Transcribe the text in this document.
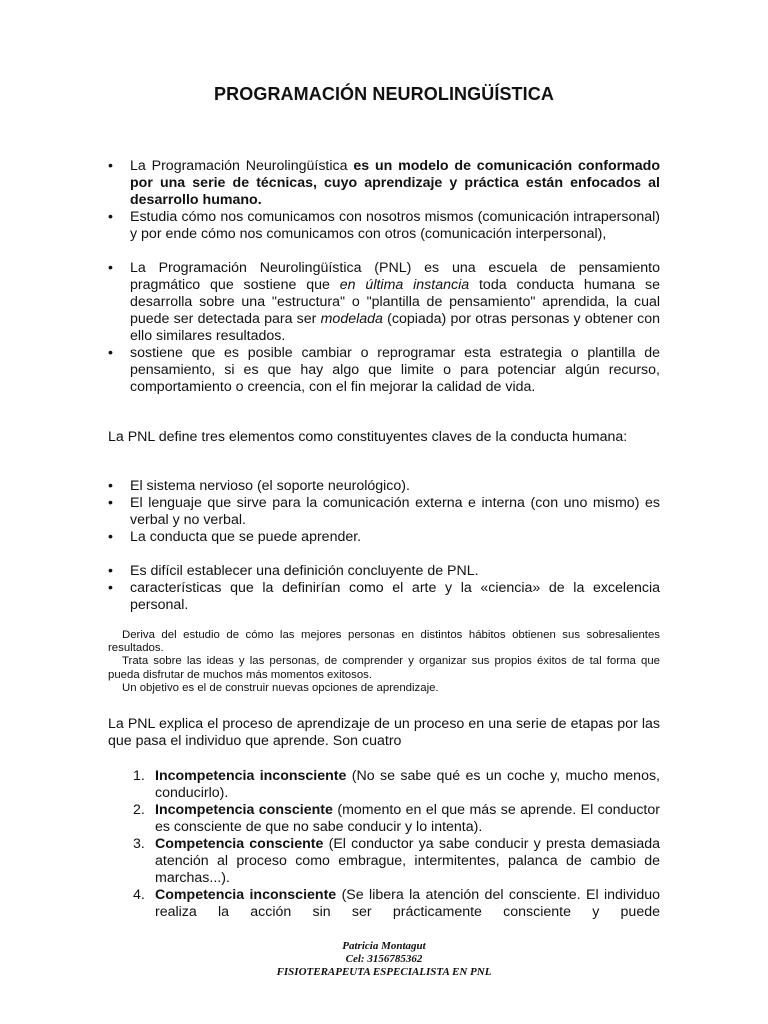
PROGRAMACIÓN NEUROLINGÜÍSTICA
• La Programación Neurolingüística es un modelo de comunicación conformado por una serie de técnicas, cuyo aprendizaje y práctica están enfocados al desarrollo humano.

• Estudia cómo nos comunicamos con nosotros mismos (comunicación intrapersonal) y por ende cómo nos comunicamos con otros (comunicación interpersonal),

• La Programación Neurolingüística (PNL) es una escuela de pensamiento pragmático que sostiene que en última instancia toda conducta humana se desarrolla sobre una "estructura" o "plantilla de pensamiento" aprendida, la cual puede ser detectada para ser modelada (copiada) por otras personas y obtener con ello similares resultados.

• sostiene que es posible cambiar o reprogramar esta estrategia o plantilla de pensamiento, si es que hay algo que limite o para potenciar algún recurso, comportamiento o creencia, con el fin mejorar la calidad de vida.

La PNL define tres elementos como constituyentes claves de la conducta humana:

• El sistema nervioso (el soporte neurológico).

• El lenguaje que sirve para la comunicación externa e interna (con uno mismo) es verbal y no verbal.

• La conducta que se puede aprender.

• Es difícil establecer una definición concluyente de PNL.

• características que la definirían como el arte y la «ciencia» de la excelencia personal.

Deriva del estudio de cómo las mejores personas en distintos hábitos obtienen sus sobresalientes resultados.
Trata sobre las ideas y las personas, de comprender y organizar sus propios éxitos de tal forma que pueda disfrutar de muchos más momentos exitosos.
Un objetivo es el de construir nuevas opciones de aprendizaje.

La PNL explica el proceso de aprendizaje de un proceso en una serie de etapas por las que pasa el individuo que aprende. Son cuatro

1. Incompetencia inconsciente (No se sabe qué es un coche y, mucho menos, conducirlo).

2. Incompetencia consciente (momento en el que más se aprende. El conductor es consciente de que no sabe conducir y lo intenta).

3. Competencia consciente (El conductor ya sabe conducir y presta demasiada atención al proceso como embrague, intermitentes, palanca de cambio de marchas...).

4. Competencia inconsciente (Se libera la atención del consciente. El individuo realiza la acción sin ser prácticamente consciente y puede

Patricia Montagut
Cel: 3156785362
FISIOTERAPEUTA ESPECIALISTA EN PNL
